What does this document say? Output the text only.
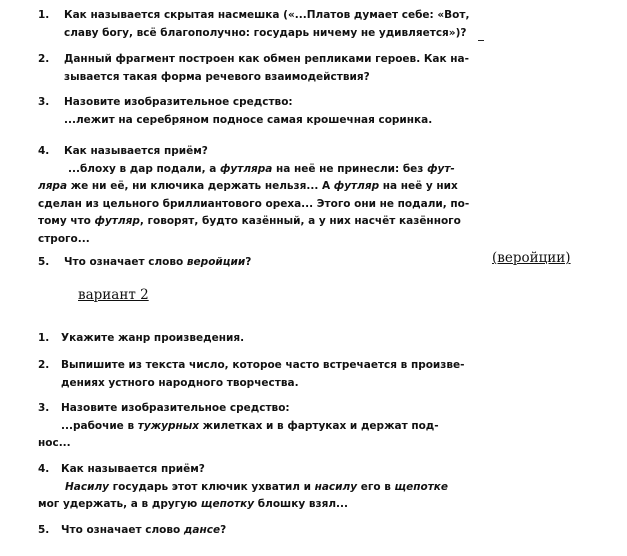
1. Как называется скрытая насмешка («...Платов думает себе: «Вот,
славу богу, всё благополучно: государь ничему не удивляется»)?
2. Данный фрагмент построен как обмен репликами героев. Как на-
зывается такая форма речевого взаимодействия?
3. Назовите изобразительное средство:
...лежит на серебряном подносе самая крошечная соринка.
4. Как называется приём?
...блоху в дар подали, а футляра на неё не принесли: без фут-
ляра же ни её, ни ключика держать нельзя... А футляр на неё у них
сделан из цельного бриллиантового ореха... Этого они не подали, по-
тому что футляр, говорят, будто казённый, а у них насчёт казённого
строго...
5. Что означает слово веройции?	(веройции)
вариант 2
1. Укажите жанр произведения.
2. Выпишите из текста число, которое часто встречается в произве-
дениях устного народного творчества.
3. Назовите изобразительное средство:
...рабочие в тужурных жилетках и в фартуках и держат под-
нос...
4. Как называется приём?
Насилу государь этот ключик ухватил и насилу его в щепотке
мог удержать, а в другую щепотку блошку взял...
5. Что означает слово дансе?
